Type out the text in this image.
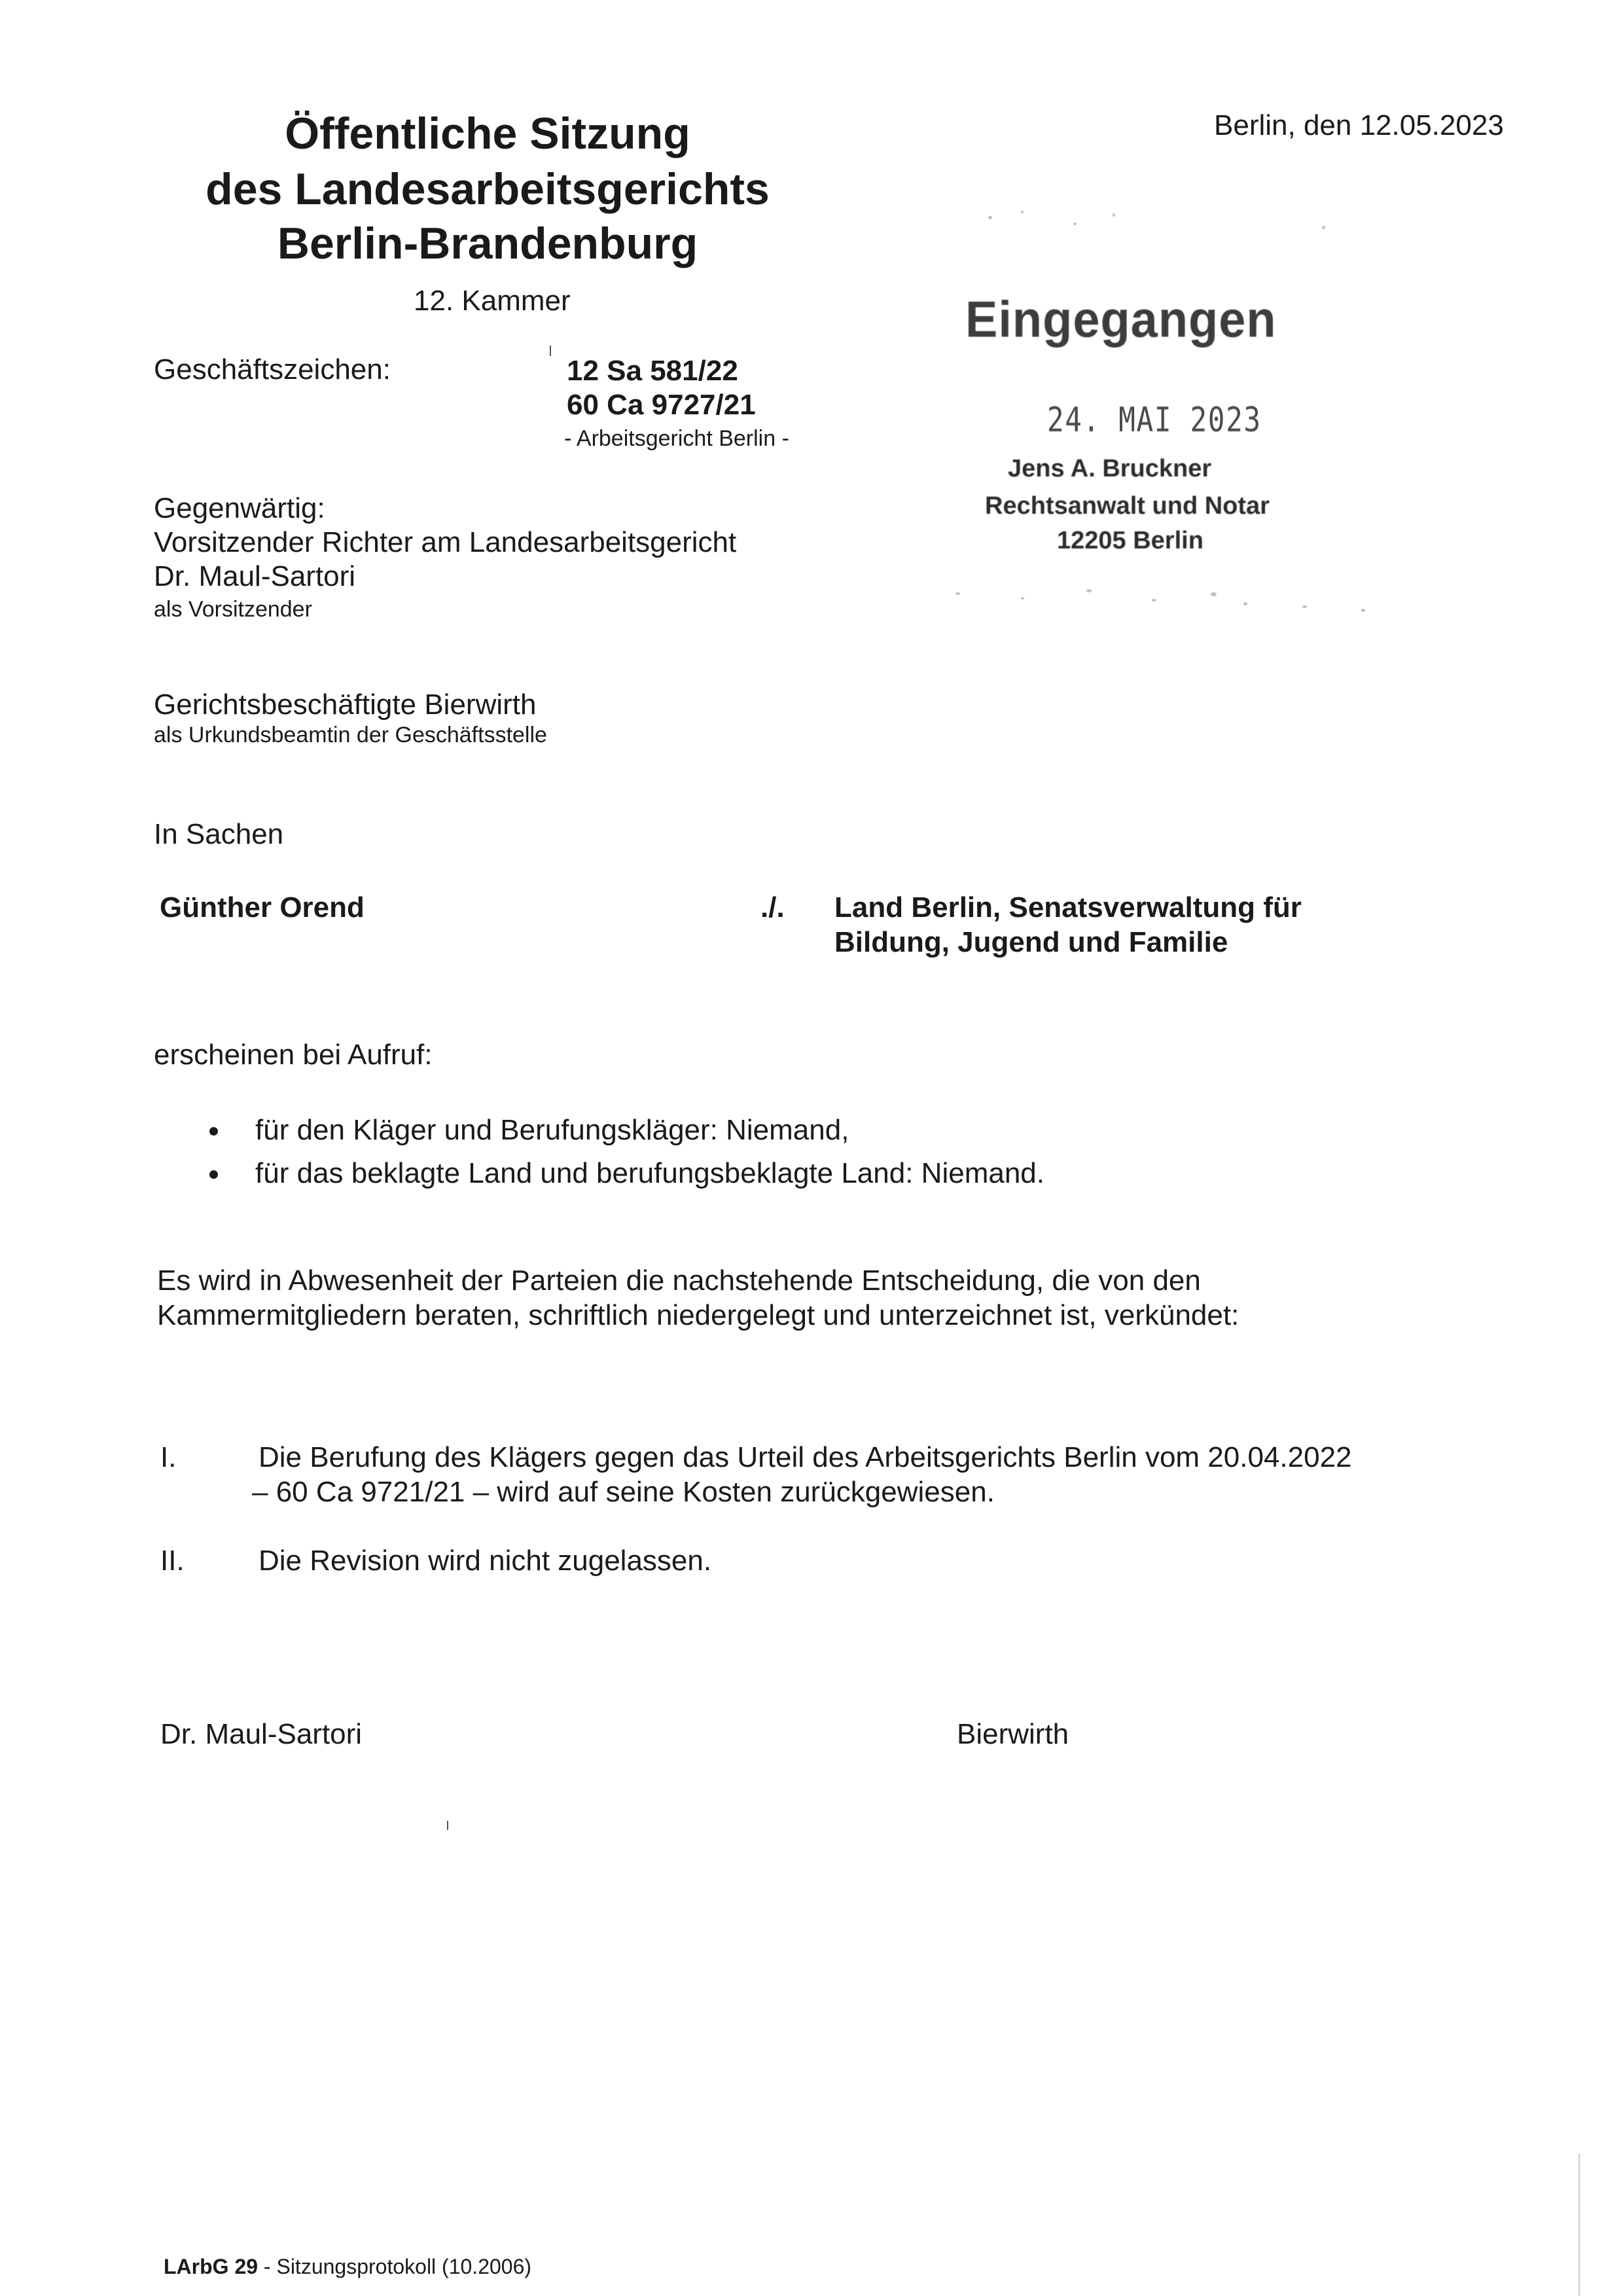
Öffentliche Sitzung
des Landesarbeitsgerichts
Berlin-Brandenburg
12. Kammer
Berlin, den 12.05.2023
Eingegangen
24. MAI 2023
Jens A. Bruckner
Rechtsanwalt und Notar
12205 Berlin
Geschäftszeichen:	12 Sa 581/22
60 Ca 9727/21
- Arbeitsgericht Berlin -
Gegenwärtig:
Vorsitzender Richter am Landesarbeitsgericht
Dr. Maul-Sartori
als Vorsitzender
Gerichtsbeschäftigte Bierwirth
als Urkundsbeamtin der Geschäftsstelle
In Sachen
Günther Orend	./. Land Berlin, Senatsverwaltung für
Bildung, Jugend und Familie
erscheinen bei Aufruf:
für den Kläger und Berufungskläger: Niemand,
für das beklagte Land und berufungsbeklagte Land: Niemand.
Es wird in Abwesenheit der Parteien die nachstehende Entscheidung, die von den
Kammermitgliedern beraten, schriftlich niedergelegt und unterzeichnet ist, verkündet:
I.	Die Berufung des Klägers gegen das Urteil des Arbeitsgerichts Berlin vom 20.04.2022
– 60 Ca 9721/21 – wird auf seine Kosten zurückgewiesen.
II.	Die Revision wird nicht zugelassen.
Dr. Maul-Sartori	Bierwirth
LArbG 29 - Sitzungsprotokoll (10.2006)
